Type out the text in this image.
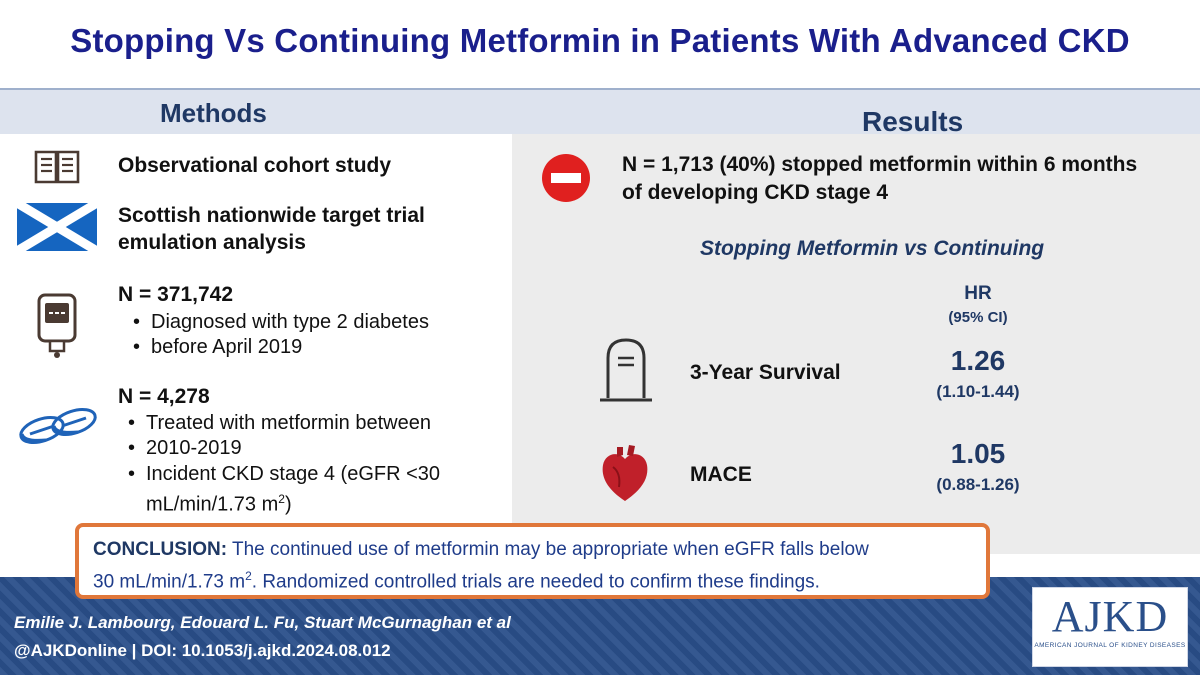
Stopping Vs Continuing Metformin in Patients With Advanced CKD
Methods	Results
Observational cohort study
Scottish nationwide target trial
emulation analysis
N = 371,742
• Diagnosed with type 2 diabetes
• before April 2019
N = 4,278
• Treated with metformin between
• 2010-2019
• Incident CKD stage 4 (eGFR <30
mL/min/1.73 $m^2$)
N = 1,713 (40%) stopped metformin within 6 months
of developing CKD stage 4
Stopping Metformin vs Continuing
HR
(95% CI)
3-Year Survival	1.26
(1.10-1.44)
MACE
1.05
(0.88-1.26)
Emilie J. Lambourg, Edouard L. Fu, Stuart McGurnaghan et al
@AJKDonline | DOI: 10.1053/j.ajkd.2024.08.012
AJKD
AMERICAN JOURNAL OF KIDNEY DISEASES
CONCLUSION: The continued use of metformin may be appropriate when eGFR falls below
30 mL/min/1.73 $m^2$. Randomized controlled trials are needed to confirm these findings.
